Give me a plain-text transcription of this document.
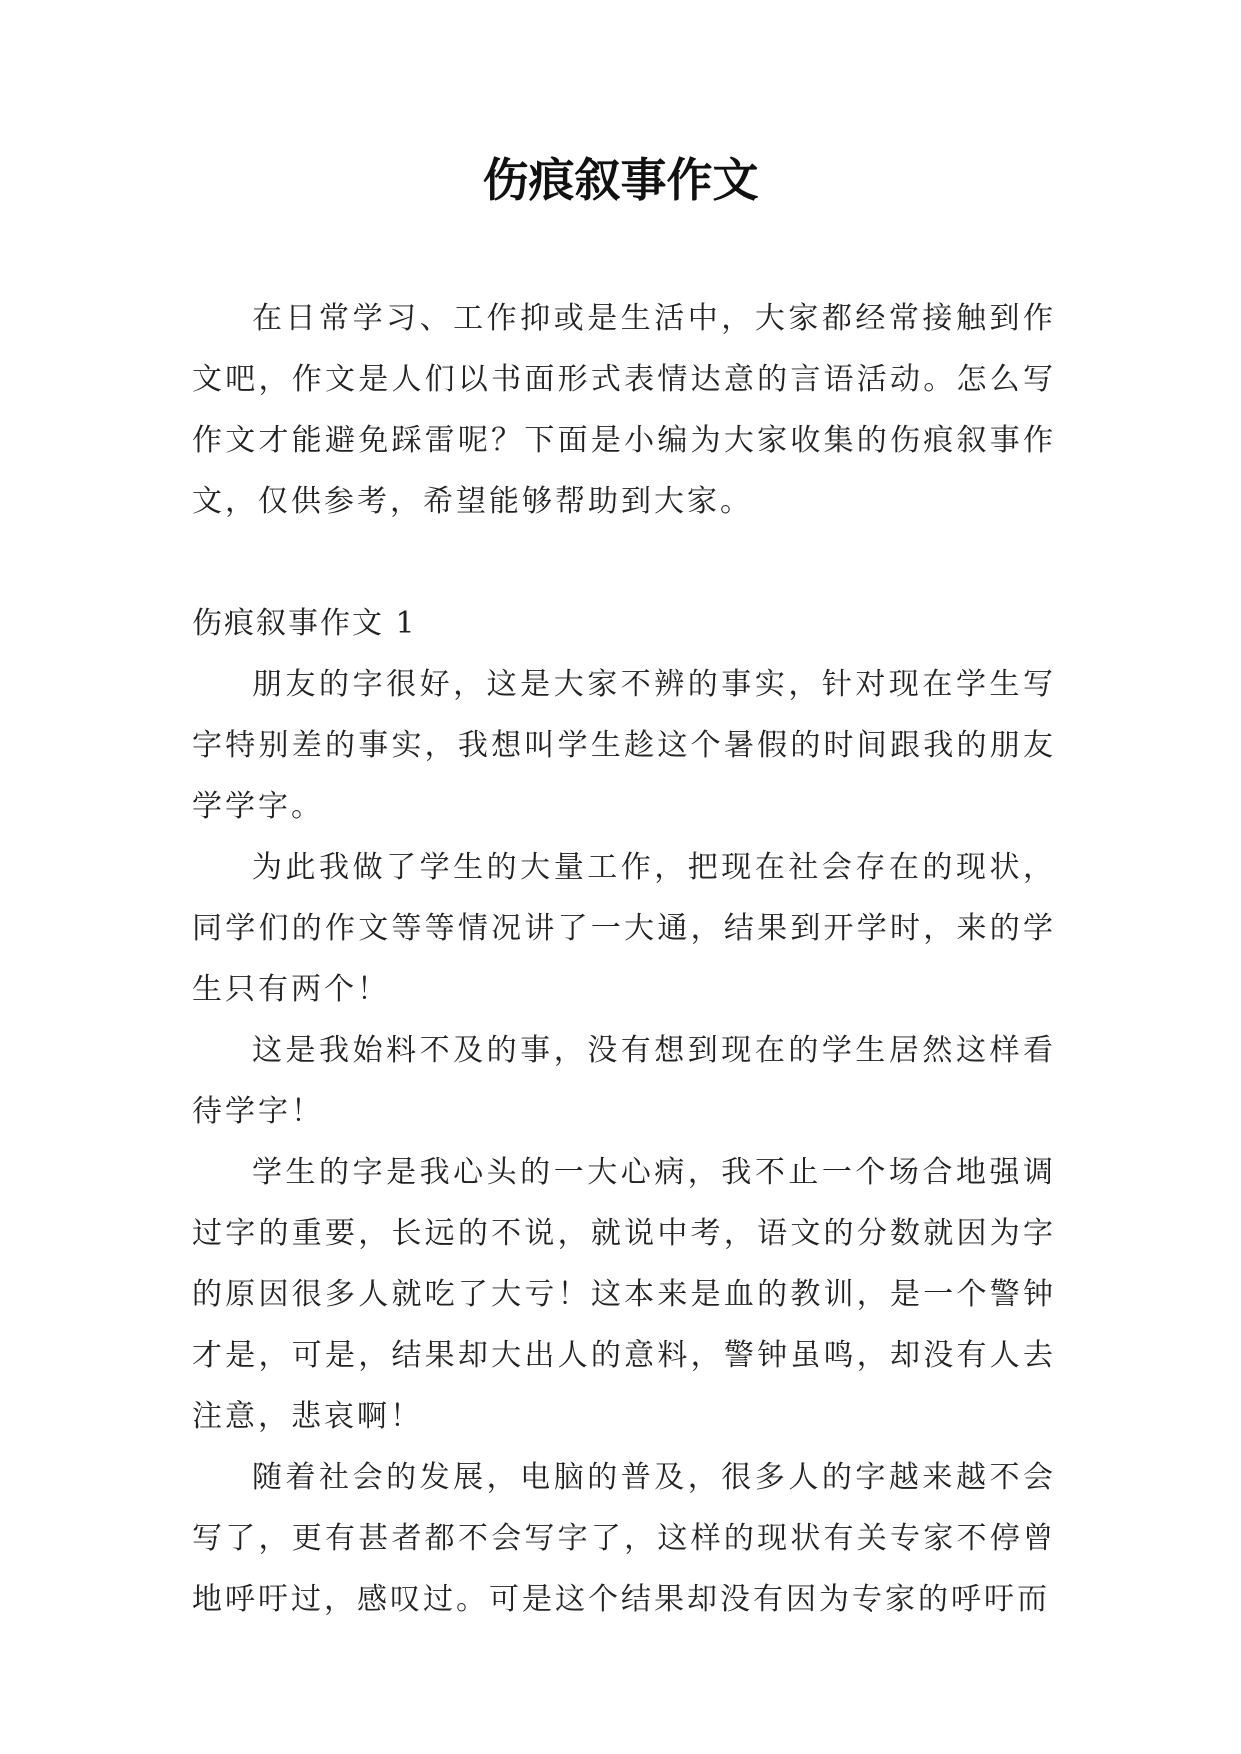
伤痕叙事作文

在日常学习、工作抑或是生活中，大家都经常接触到作文吧，作文是人们以书面形式表情达意的言语活动。怎么写作文才能避免踩雷呢？下面是小编为大家收集的伤痕叙事作文，仅供参考，希望能够帮助到大家。

伤痕叙事作文 1

朋友的字很好，这是大家不辨的事实，针对现在学生写字特别差的事实，我想叫学生趁这个暑假的时间跟我的朋友学学字。

为此我做了学生的大量工作，把现在社会存在的现状，同学们的作文等等情况讲了一大通，结果到开学时，来的学生只有两个！

这是我始料不及的事，没有想到现在的学生居然这样看待学字！

学生的字是我心头的一大心病，我不止一个场合地强调过字的重要，长远的不说，就说中考，语文的分数就因为字的原因很多人就吃了大亏！这本来是血的教训，是一个警钟才是，可是，结果却大出人的意料，警钟虽鸣，却没有人去注意，悲哀啊！

随着社会的发展，电脑的普及，很多人的字越来越不会写了，更有甚者都不会写字了，这样的现状有关专家不停曾地呼吁过，感叹过。可是这个结果却没有因为专家的呼吁而
